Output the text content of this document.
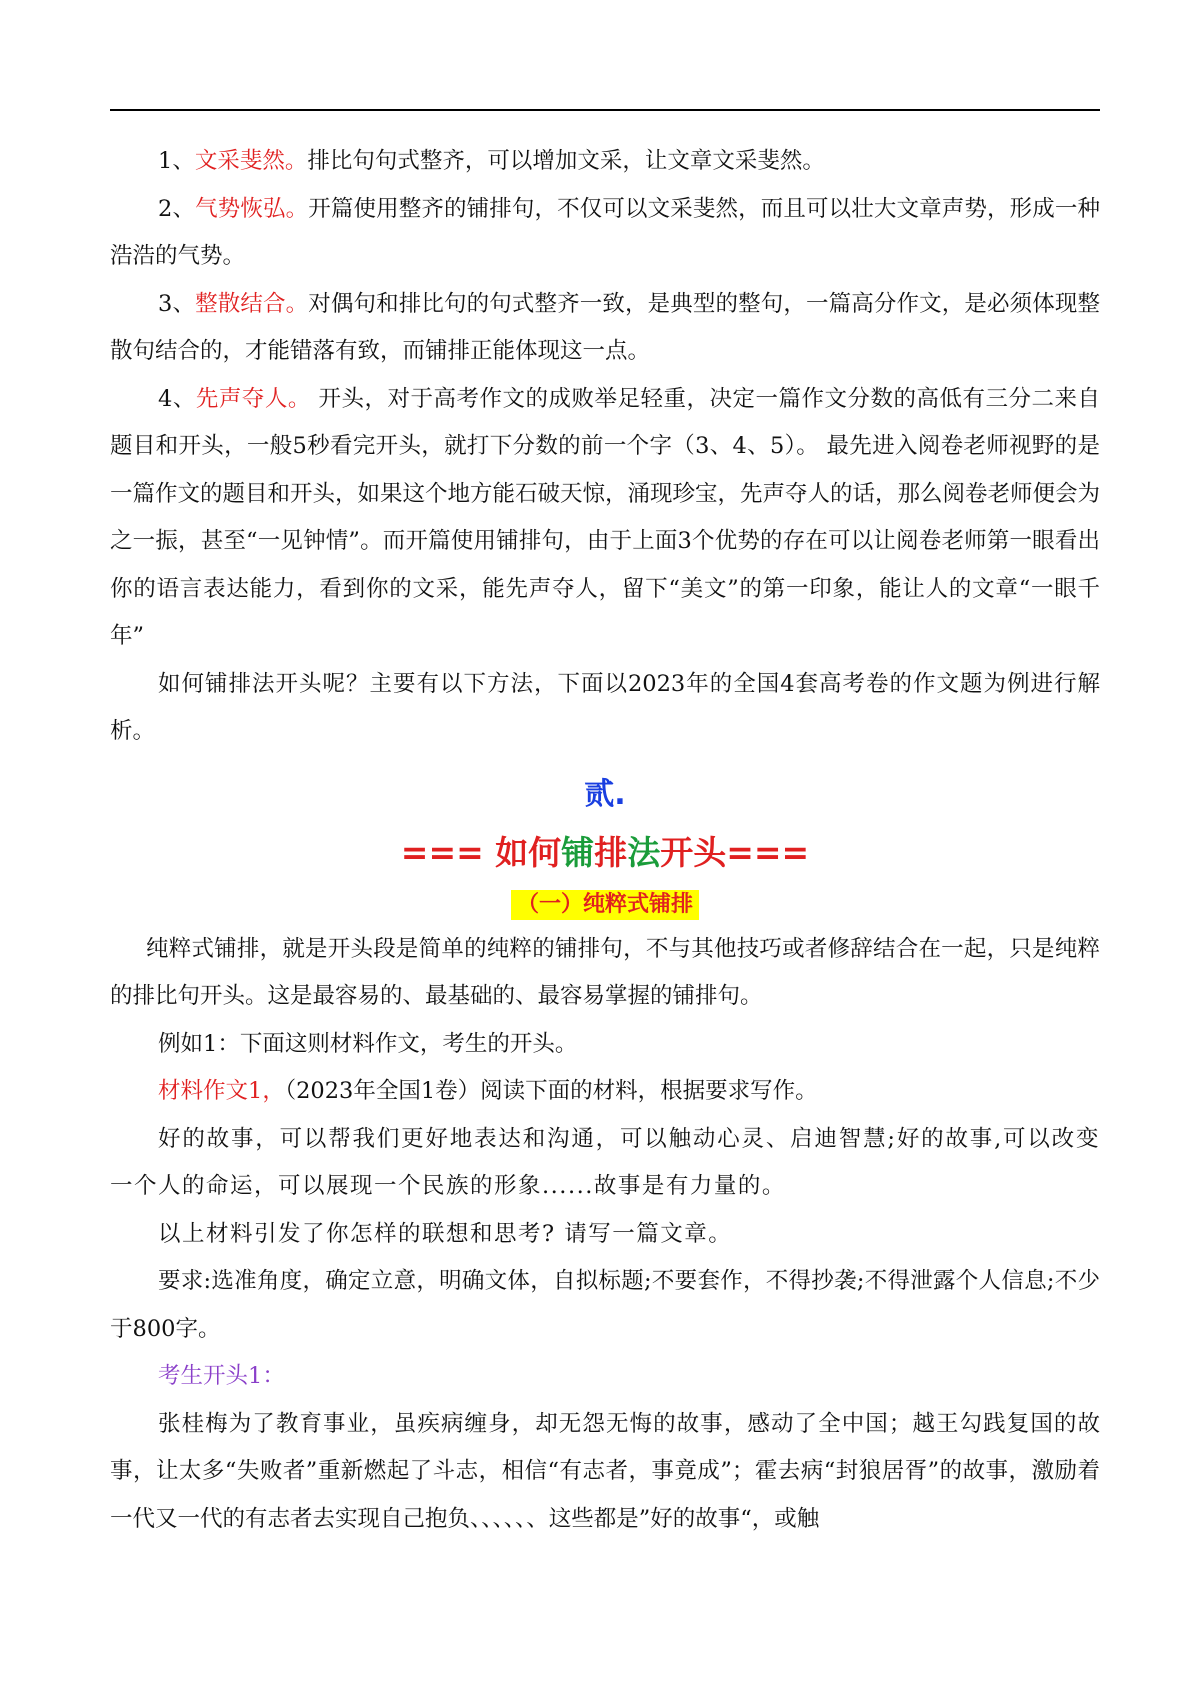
1、文采斐然。排比句句式整齐，可以增加文采，让文章文采斐然。

2、气势恢弘。开篇使用整齐的铺排句，不仅可以文采斐然，而且可以壮大文章声势，形成一种浩浩的气势。

3、整散结合。对偶句和排比句的句式整齐一致，是典型的整句，一篇高分作文，是必须体现整散句结合的，才能错落有致，而铺排正能体现这一点。

4、先声夺人。 开头，对于高考作文的成败举足轻重，决定一篇作文分数的高低有三分二来自题目和开头，一般5秒看完开头，就打下分数的前一个字（3、4、5）。 最先进入阅卷老师视野的是一篇作文的题目和开头，如果这个地方能石破天惊，涌现珍宝，先声夺人的话，那么阅卷老师便会为之一振，甚至“一见钟情”。而开篇使用铺排句，由于上面3个优势的存在可以让阅卷老师第一眼看出你的语言表达能力，看到你的文采，能先声夺人，留下“美文”的第一印象，能让人的文章“一眼千年”

如何铺排法开头呢？主要有以下方法，下面以2023年的全国4套高考卷的作文题为例进行解析。

贰.

=== 如何铺排法开头===

（一）纯粹式铺排

纯粹式铺排，就是开头段是简单的纯粹的铺排句，不与其他技巧或者修辞结合在一起，只是纯粹的排比句开头。这是最容易的、最基础的、最容易掌握的铺排句。

例如1：下面这则材料作文，考生的开头。

材料作文1，（2023年全国1卷）阅读下面的材料，根据要求写作。

好的故事，可以帮我们更好地表达和沟通，可以触动心灵、启迪智慧;好的故事,可以改变一个人的命运，可以展现一个民族的形象......故事是有力量的。

以上材料引发了你怎样的联想和思考? 请写一篇文章。

要求:选准角度，确定立意，明确文体，自拟标题;不要套作，不得抄袭;不得泄露个人信息;不少于800字。

考生开头1：

张桂梅为了教育事业，虽疾病缠身，却无怨无悔的故事，感动了全中国；越王勾践复国的故事，让太多“失败者”重新燃起了斗志，相信“有志者，事竟成”；霍去病“封狼居胥”的故事，激励着一代又一代的有志者去实现自己抱负、、、、、、这些都是”好的故事“，或触
